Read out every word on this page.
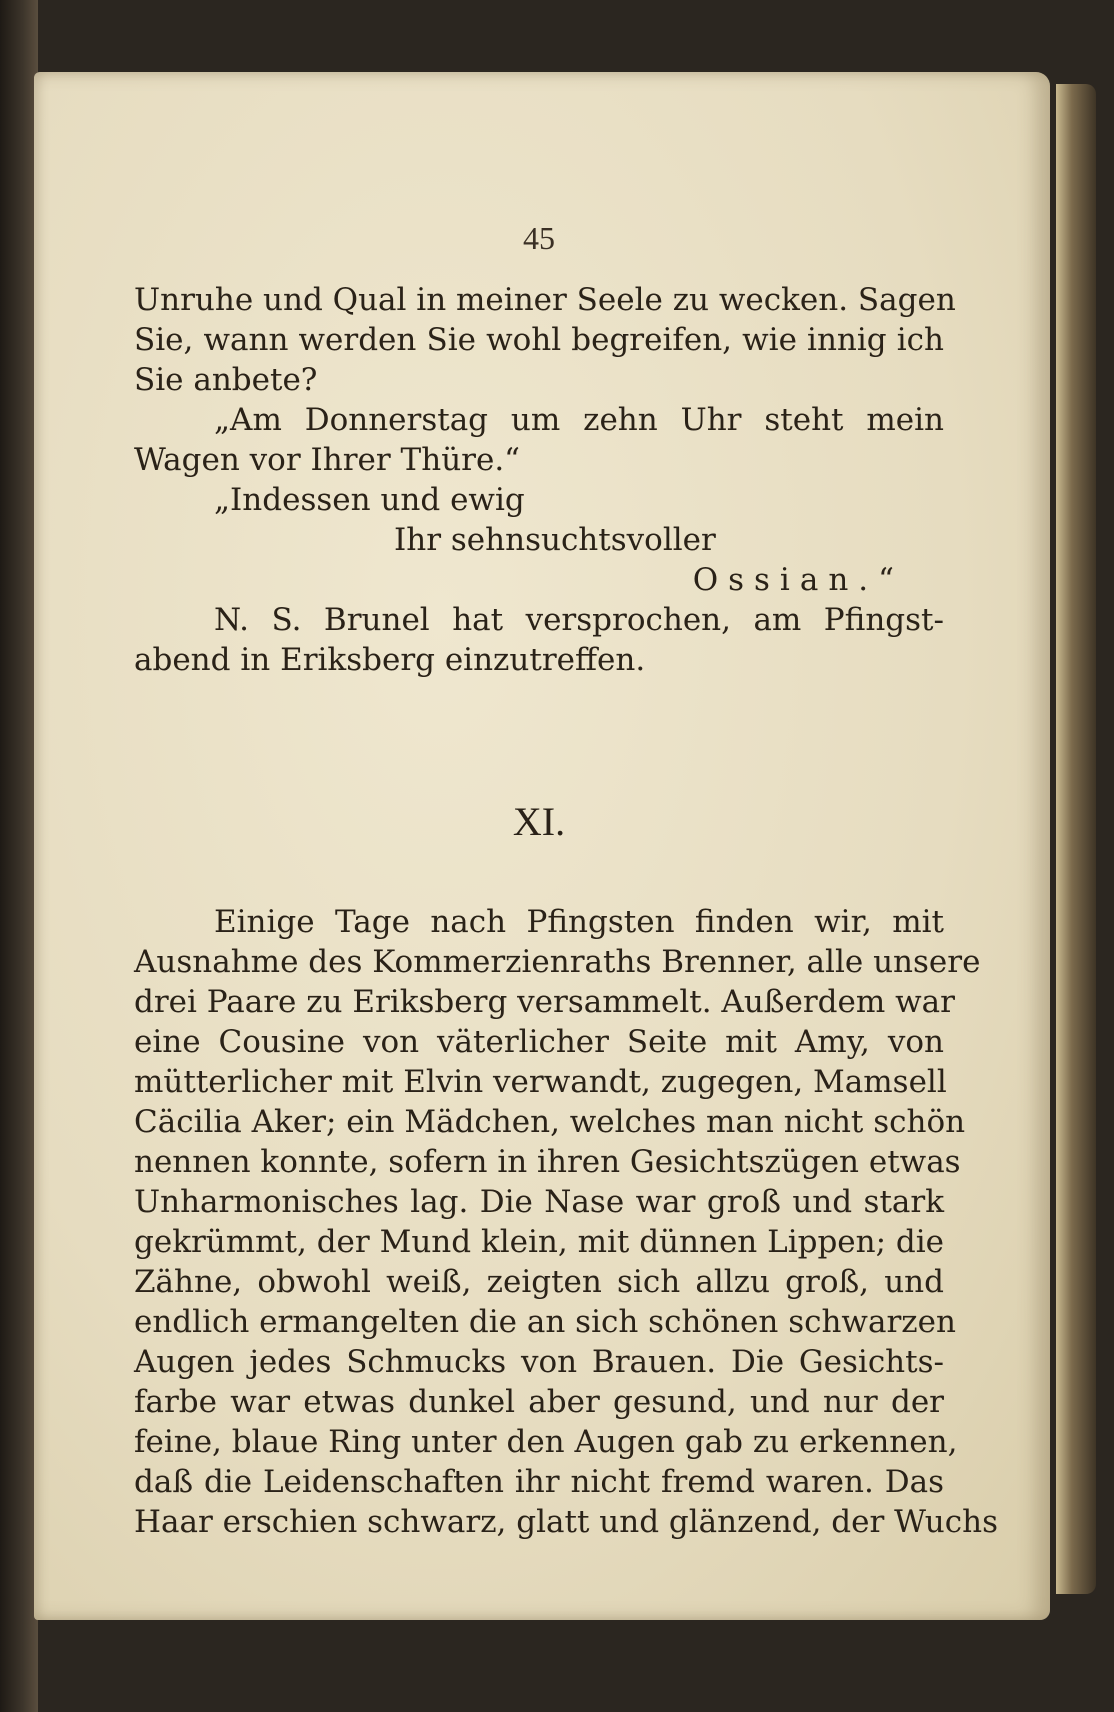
45
Unruhe und Qual in meiner Seele zu wecken. Sagen
Sie, wann werden Sie wohl begreifen, wie innig ich
Sie anbete?
„Am Donnerstag um zehn Uhr steht mein
Wagen vor Ihrer Thüre.“
„Indessen und ewig
Ihr sehnsuchtsvoller
Ossian.“
N. S. Brunel hat versprochen, am Pfingst-
abend in Eriksberg einzutreffen.
XI.
Einige Tage nach Pfingsten finden wir, mit
Ausnahme des Kommerzienraths Brenner, alle unsere
drei Paare zu Eriksberg versammelt. Außerdem war
eine Cousine von väterlicher Seite mit Amy, von
mütterlicher mit Elvin verwandt, zugegen, Mamsell
Cäcilia Aker; ein Mädchen, welches man nicht schön
nennen konnte, sofern in ihren Gesichtszügen etwas
Unharmonisches lag. Die Nase war groß und stark
gekrümmt, der Mund klein, mit dünnen Lippen; die
Zähne, obwohl weiß, zeigten sich allzu groß, und
endlich ermangelten die an sich schönen schwarzen
Augen jedes Schmucks von Brauen. Die Gesichts-
farbe war etwas dunkel aber gesund, und nur der
feine, blaue Ring unter den Augen gab zu erkennen,
daß die Leidenschaften ihr nicht fremd waren. Das
Haar erschien schwarz, glatt und glänzend, der Wuchs
